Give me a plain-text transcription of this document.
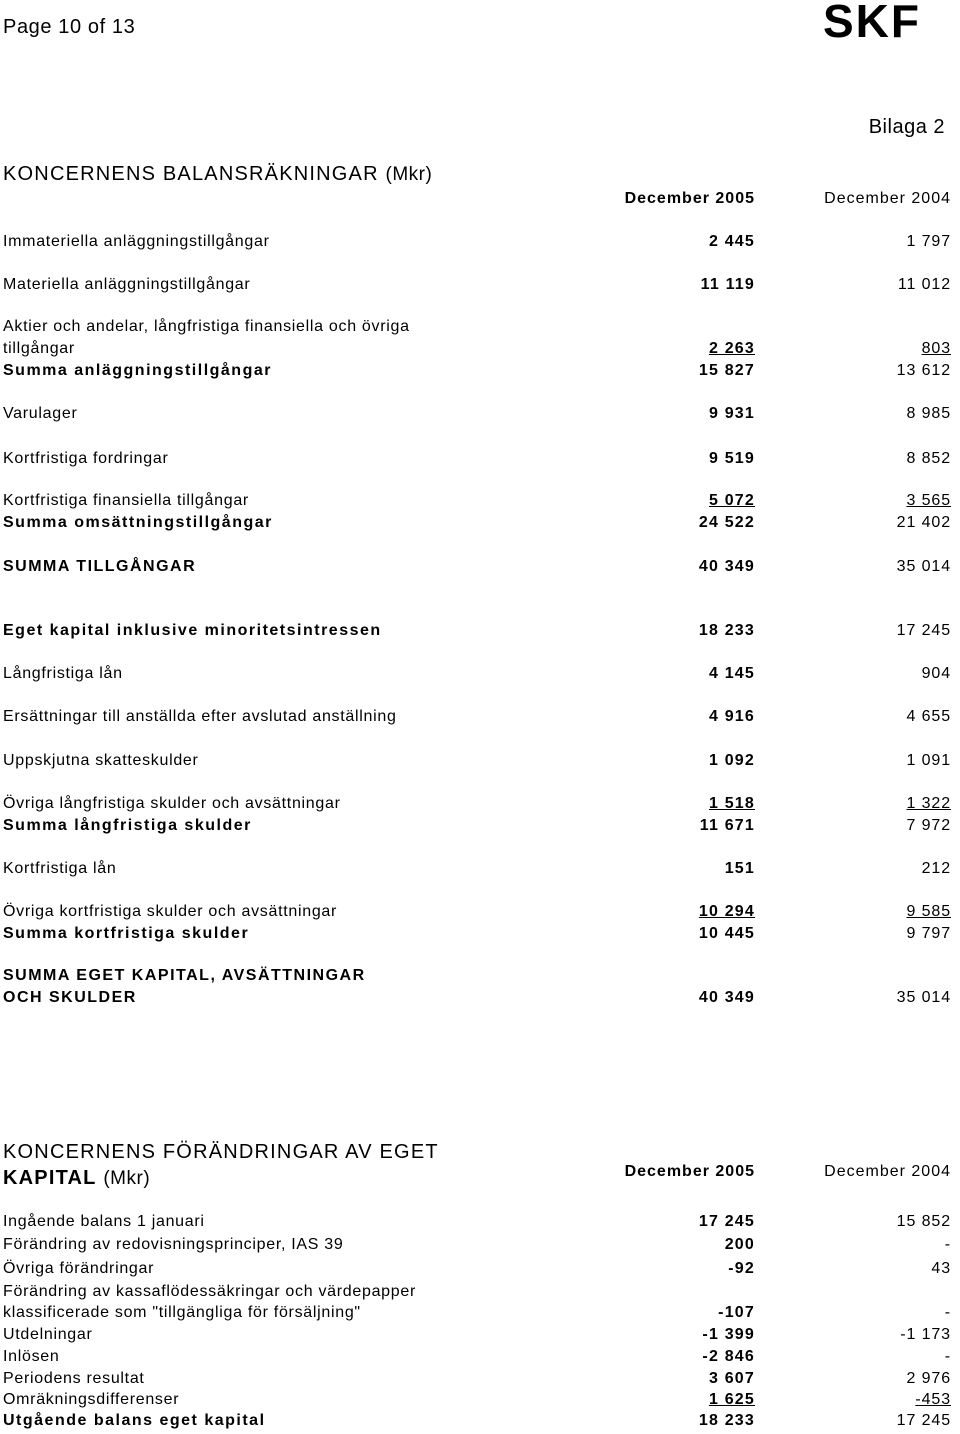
Page 10 of 13	SKF
Bilaga 2
KONCERNENS BALANSRÄKNINGAR (Mkr)
December 2005	December 2004
Immateriella anläggningstillgångar	2 445	1 797
Materiella anläggningstillgångar	11 119	11 012
Aktier och andelar, långfristiga finansiella och övriga
tillgångar	2 263	803
Summa anläggningstillgångar	15 827	13 612
Varulager	9 931	8 985
Kortfristiga fordringar	9 519	8 852
Kortfristiga finansiella tillgångar	5 072	3 565
Summa omsättningstillgångar	24 522	21 402
SUMMA TILLGÅNGAR	40 349	35 014
Eget kapital inklusive minoritetsintressen	18 233	17 245
Långfristiga lån	4 145	904
Ersättningar till anställda efter avslutad anställning	4 916	4 655
Uppskjutna skatteskulder	1 092	1 091
Övriga långfristiga skulder och avsättningar	1 518	1 322
Summa långfristiga skulder	11 671	7 972
Kortfristiga lån	151	212
Övriga kortfristiga skulder och avsättningar	10 294	9 585
Summa kortfristiga skulder	10 445	9 797
SUMMA EGET KAPITAL, AVSÄTTNINGAR
OCH SKULDER	40 349	35 014
KONCERNENS FÖRÄNDRINGAR AV EGET
KAPITAL (Mkr)	December 2005	December 2004
Ingående balans 1 januari	17 245	15 852
Förändring av redovisningsprinciper, IAS 39	200	-
Övriga förändringar	-92	43
Förändring av kassaflödessäkringar och värdepapper
klassificerade som "tillgängliga för försäljning"	-107	-
Utdelningar	-1 399	-1 173
Inlösen	-2 846	-
Periodens resultat	3 607	2 976
Omräkningsdifferenser	1 625	-453
Utgående balans eget kapital	18 233	17 245
